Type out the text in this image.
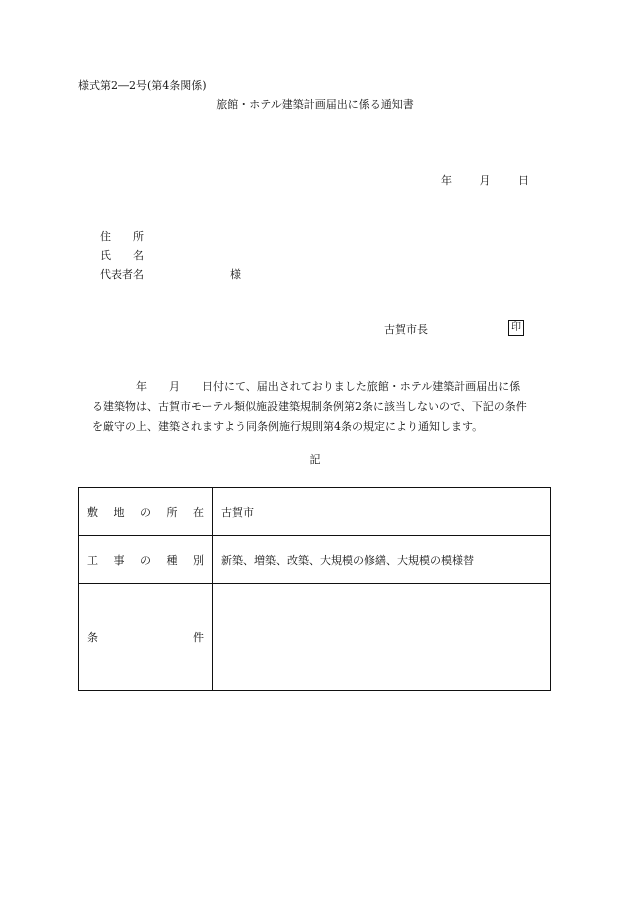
様式第2―2号(第4条関係)
旅館・ホテル建築計画届出に係る通知書
年	月	日
住　　所
氏　　名
代表者名	様
古賀市長	印

年　　月　　日付にて、届出されておりました旅館・ホテル建築計画届出に係

る建築物は、古賀市モーテル類似施設建築規制条例第2条に該当しないので、下記の条件

を厳守の上、建築されますよう同条例施行規則第4条の規定により通知します。

記
敷 地 の 所 在	古賀市

工 事 の 種 別	新築、増築、改築、大規模の修繕、大規模の模様替

条 件	
